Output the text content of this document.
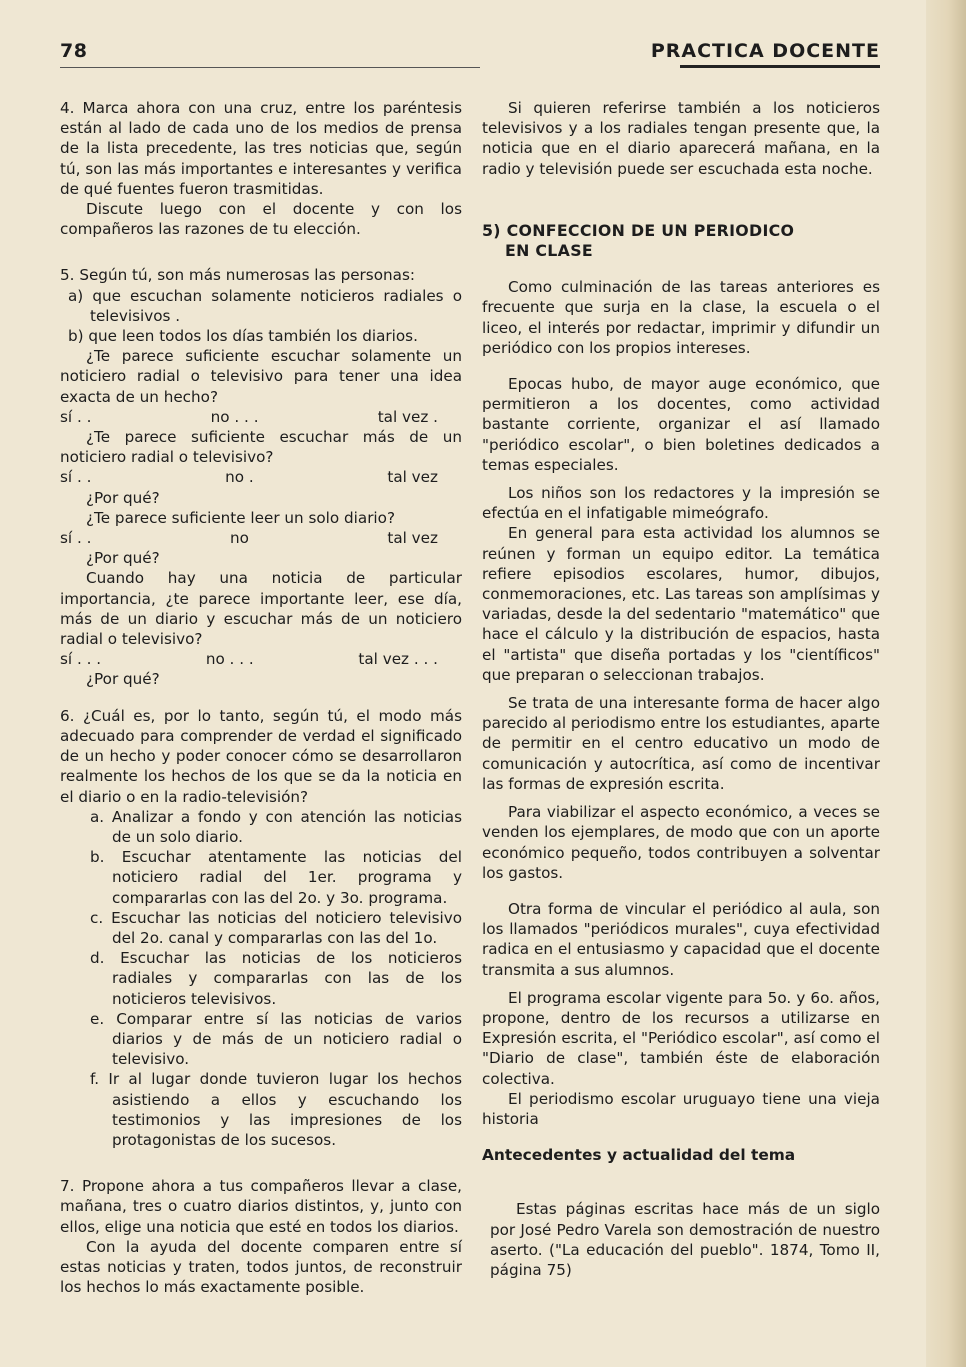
78	PRACTICA DOCENTE

4. Marca ahora con una cruz, entre los paréntesis están al lado de cada uno de los medios de prensa de la lista precedente, las tres noticias que, según tú, son las más importantes e interesantes y verifica de qué fuentes fueron trasmitidas.

Discute luego con el docente y con los compañeros las razones de tu elección.

5. Según tú, son más numerosas las personas:

a) que escuchan solamente noticieros radiales o televisivos .

b) que leen todos los días también los diarios.

¿Te parece suficiente escuchar solamente un noticiero radial o televisivo para tener una idea exacta de un hecho?

sí . .	no . . .	tal vez .

¿Te parece suficiente escuchar más de un noticiero radial o televisivo?

sí . .	no .	tal vez

¿Por qué?

¿Te parece suficiente leer un solo diario?

sí . .	no	tal vez

¿Por qué?

Cuando hay una noticia de particular importancia, ¿te parece importante leer, ese día, más de un diario y escuchar más de un noticiero radial o televisivo?

sí . . .	no . . .	tal vez . . .

¿Por qué?

6. ¿Cuál es, por lo tanto, según tú, el modo más adecuado para comprender de verdad el significado de un hecho y poder conocer cómo se desarrollaron realmente los hechos de los que se da la noticia en el diario o en la radio-televisión?

a. Analizar a fondo y con atención las noticias de un solo diario.

b. Escuchar atentamente las noticias del noticiero radial del 1er. programa y compararlas con las del 2o. y 3o. programa.

c. Escuchar las noticias del noticiero televisivo del 2o. canal y compararlas con las del 1o.

d. Escuchar las noticias de los noticieros radiales y compararlas con las de los noticieros televisivos.

e. Comparar entre sí las noticias de varios diarios y de más de un noticiero radial o televisivo.

f. Ir al lugar donde tuvieron lugar los hechos asistiendo a ellos y escuchando los testimonios y las impresiones de los protagonistas de los sucesos.

7. Propone ahora a tus compañeros llevar a clase, mañana, tres o cuatro diarios distintos, y, junto con ellos, elige una noticia que esté en todos los diarios.

Con la ayuda del docente comparen entre sí estas noticias y traten, todos juntos, de reconstruir los hechos lo más exactamente posible.

Si quieren referirse también a los noticieros televisivos y a los radiales tengan presente que, la noticia que en el diario aparecerá mañana, en la radio y televisión puede ser escuchada esta noche.

5) CONFECCION DE UN PERIODICO
EN CLASE

Como culminación de las tareas anteriores es frecuente que surja en la clase, la escuela o el liceo, el interés por redactar, imprimir y difundir un periódico con los propios intereses.

Epocas hubo, de mayor auge económico, que permitieron a los docentes, como actividad bastante corriente, organizar el así llamado "periódico escolar", o bien boletines dedicados a temas especiales.

Los niños son los redactores y la impresión se efectúa en el infatigable mimeógrafo.

En general para esta actividad los alumnos se reúnen y forman un equipo editor. La temática refiere episodios escolares, humor, dibujos, conmemoraciones, etc. Las tareas son amplísimas y variadas, desde la del sedentario "matemático" que hace el cálculo y la distribución de espacios, hasta el "artista" que diseña portadas y los "científicos" que preparan o seleccionan trabajos.

Se trata de una interesante forma de hacer algo parecido al periodismo entre los estudiantes, aparte de permitir en el centro educativo un modo de comunicación y autocrítica, así como de incentivar las formas de expresión escrita.

Para viabilizar el aspecto económico, a veces se venden los ejemplares, de modo que con un aporte económico pequeño, todos contribuyen a solventar los gastos.

Otra forma de vincular el periódico al aula, son los llamados "periódicos murales", cuya efectividad radica en el entusiasmo y capacidad que el docente transmita a sus alumnos.

El programa escolar vigente para 5o. y 6o. años, propone, dentro de los recursos a utilizarse en Expresión escrita, el "Periódico escolar", así como el "Diario de clase", también éste de elaboración colectiva.

El periodismo escolar uruguayo tiene una vieja historia

Antecedentes y actualidad del tema

Estas páginas escritas hace más de un siglo por José Pedro Varela son demostración de nuestro aserto. ("La educación del pueblo". 1874, Tomo II, página 75)
